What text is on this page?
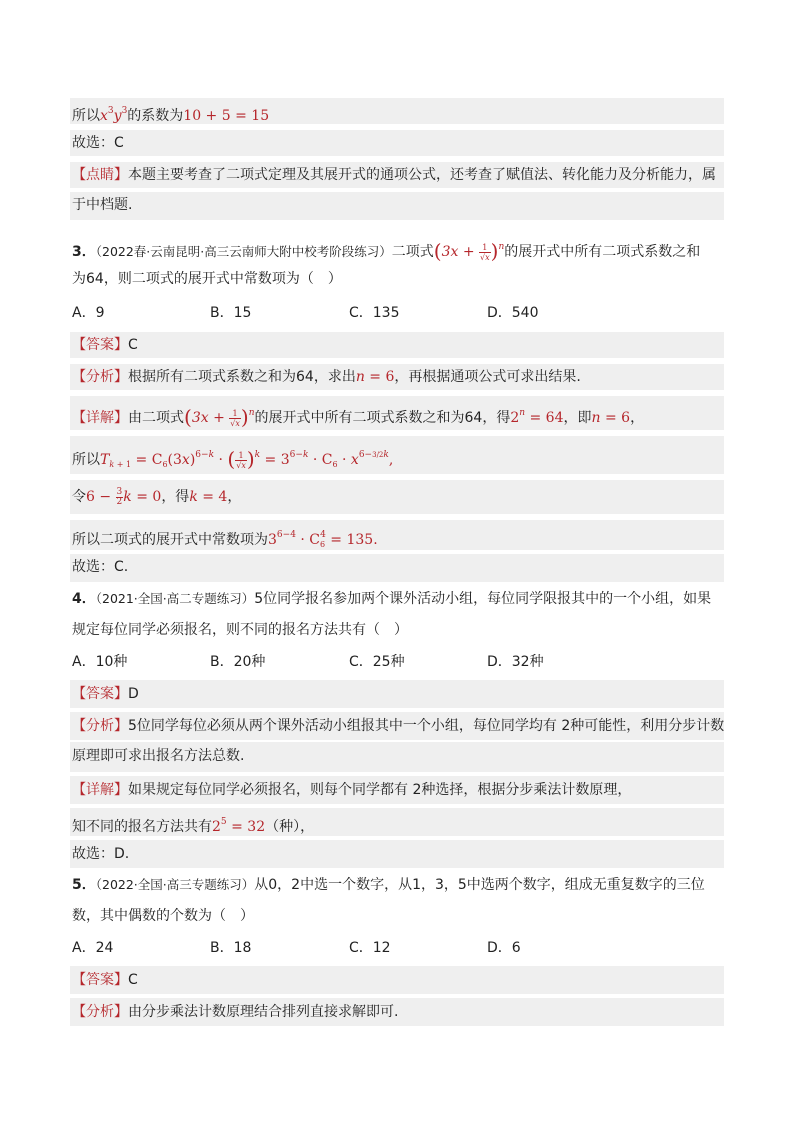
所以$x^3y^3$的系数为10 + 5 = 15
故选：C
【点睛】本题主要考查了二项式定理及其展开式的通项公式，还考查了赋值法、转化能力及分析能力，属
于中档题.
3．（2022春·云南昆明·高三云南师大附中校考阶段练习）二项式$(3x + \frac{1}{√x} )^n$的展开式中所有二项式系数之和
为64，则二项式的展开式中常数项为（　）
A．9	B．15	C．135	D．540
【答案】C
【分析】根据所有二项式系数之和为64，求出n = 6，再根据通项公式可求出结果.
【详解】由二项式$(3x + \frac{1}{√x} )^n$的展开式中所有二项式系数之和为64，得$2^n = 64$，即n = 6，
所以$T_{k + 1} = C_6(3x)^{6-k}$ · ( $\frac{1}{√x} )^k = 3^{6-k} \cdot C_6 \cdot x^{6-3/2k}$,
令$6 - \frac{3}{2}$ k = 0，得k = 4，
所以二项式的展开式中常数项为$3^{6-4} \cdot C_6^4 = 135$.
故选：C.
4．（2021·全国·高二专题练习）5位同学报名参加两个课外活动小组，每位同学限报其中的一个小组，如果
规定每位同学必须报名，则不同的报名方法共有（　）
A．10种	B．20种	C．25种	D．32种
【答案】D
【分析】5位同学每位必须从两个课外活动小组报其中一个小组，每位同学均有 2种可能性，利用分步计数
原理即可求出报名方法总数.
【详解】如果规定每位同学必须报名，则每个同学都有 2种选择，根据分步乘法计数原理，
知不同的报名方法共有$2^5 = 32$（种），
故选：D.
5．（2022·全国·高三专题练习）从0，2中选一个数字，从1，3，5中选两个数字，组成无重复数字的三位
数，其中偶数的个数为（　）
A．24	B．18	C．12	D．6
【答案】C
【分析】由分步乘法计数原理结合排列直接求解即可.
